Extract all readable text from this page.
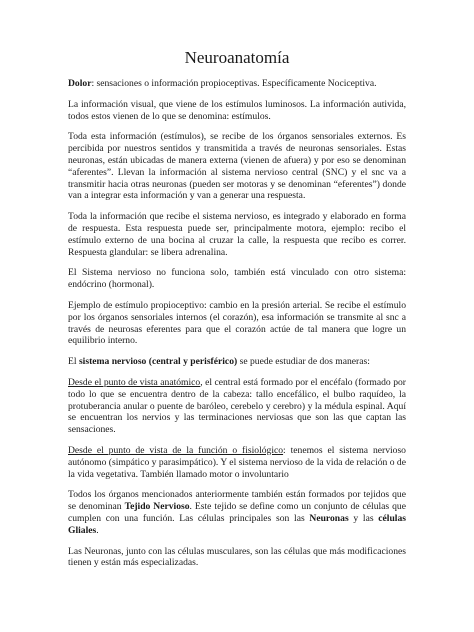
Neuroanatomía

Dolor: sensaciones o información propioceptivas. Específicamente Nociceptiva.

La información visual, que viene de los estímulos luminosos. La información autivida, todos estos vienen de lo que se denomina: estímulos.

Toda esta información (estímulos), se recibe de los órganos sensoriales externos. Es percibida por nuestros sentidos y transmitida a través de neuronas sensoriales. Estas neuronas, están ubicadas de manera externa (vienen de afuera) y por eso se denominan “aferentes”. Llevan la información al sistema nervioso central (SNC) y el snc va a transmitir hacia otras neuronas (pueden ser motoras y se denominan “eferentes”) donde van a integrar esta información y van a generar una respuesta.

Toda la información que recibe el sistema nervioso, es integrado y elaborado en forma de respuesta. Esta respuesta puede ser, principalmente motora, ejemplo: recibo el estímulo externo de una bocina al cruzar la calle, la respuesta que recibo es correr. Respuesta glandular: se libera adrenalina.

El Sistema nervioso no funciona solo, también está vinculado con otro sistema: endócrino (hormonal).

Ejemplo de estímulo propioceptivo: cambio en la presión arterial. Se recibe el estímulo por los órganos sensoriales internos (el corazón), esa información se transmite al snc a través de neurosas eferentes para que el corazón actúe de tal manera que logre un equilibrio interno.

El sistema nervioso (central y perisférico) se puede estudiar de dos maneras:

Desde el punto de vista anatómico, el central está formado por el encéfalo (formado por todo lo que se encuentra dentro de la cabeza: tallo encefálico, el bulbo raquídeo, la protuberancia anular o puente de baróleo, cerebelo y cerebro) y la médula espinal. Aquí se encuentran los nervios y las terminaciones nerviosas que son las que captan las sensaciones.

Desde el punto de vista de la función o fisiológico: tenemos el sistema nervioso autónomo (simpático y parasimpático). Y el sistema nervioso de la vida de relación o de la vida vegetativa. También llamado motor o involuntario

Todos los órganos mencionados anteriormente también están formados por tejidos que se denominan Tejido Nervioso. Este tejido se define como un conjunto de células que cumplen con una función. Las células principales son las Neuronas y las células Gliales.

Las Neuronas, junto con las células musculares, son las células que más modificaciones tienen y están más especializadas.
